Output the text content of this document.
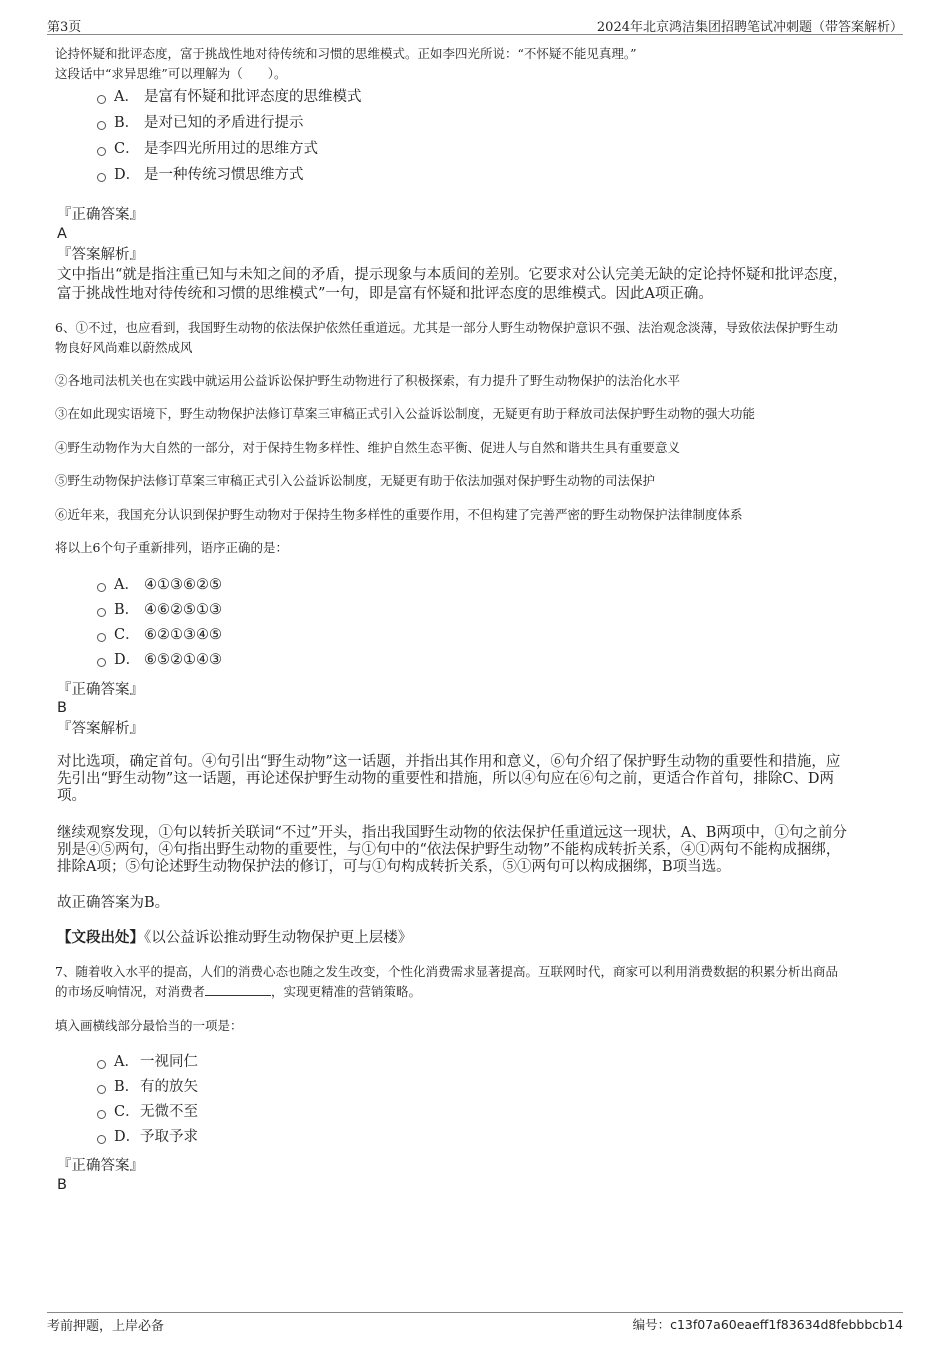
第3页	2024年北京鸿洁集团招聘笔试冲刺题（带答案解析）
论持怀疑和批评态度，富于挑战性地对待传统和习惯的思维模式。正如李四光所说：“不怀疑不能见真理。”
这段话中“求异思维”可以理解为（　　）。
A． 是富有怀疑和批评态度的思维模式
B． 是对已知的矛盾进行提示
C． 是李四光所用过的思维方式
D． 是一种传统习惯思维方式
『正确答案』
A
『答案解析』
文中指出“就是指注重已知与未知之间的矛盾，提示现象与本质间的差别。它要求对公认完美无缺的定论持怀疑和批评态度，
富于挑战性地对待传统和习惯的思维模式”一句，即是富有怀疑和批评态度的思维模式。因此A项正确。
6、①不过，也应看到，我国野生动物的依法保护依然任重道远。尤其是一部分人野生动物保护意识不强、法治观念淡薄，导致依法保护野生动
物良好风尚难以蔚然成风
②各地司法机关也在实践中就运用公益诉讼保护野生动物进行了积极探索，有力提升了野生动物保护的法治化水平
③在如此现实语境下，野生动物保护法修订草案三审稿正式引入公益诉讼制度，无疑更有助于释放司法保护野生动物的强大功能
④野生动物作为大自然的一部分，对于保持生物多样性、维护自然生态平衡、促进人与自然和谐共生具有重要意义
⑤野生动物保护法修订草案三审稿正式引入公益诉讼制度，无疑更有助于依法加强对保护野生动物的司法保护
⑥近年来，我国充分认识到保护野生动物对于保持生物多样性的重要作用，不但构建了完善严密的野生动物保护法律制度体系
将以上6个句子重新排列，语序正确的是：
A． ④①③⑥②⑤
B． ④⑥②⑤①③
C． ⑥②①③④⑤
D． ⑥⑤②①④③
『正确答案』
B
『答案解析』
对比选项，确定首句。④句引出“野生动物”这一话题，并指出其作用和意义，⑥句介绍了保护野生动物的重要性和措施，应
先引出“野生动物”这一话题，再论述保护野生动物的重要性和措施，所以④句应在⑥句之前，更适合作首句，排除C、D两
项。
继续观察发现，①句以转折关联词“不过”开头，指出我国野生动物的依法保护任重道远这一现状，A、B两项中，①句之前分
别是④⑤两句，④句指出野生动物的重要性，与①句中的“依法保护野生动物”不能构成转折关系，④①两句不能构成捆绑，
排除A项；⑤句论述野生动物保护法的修订，可与①句构成转折关系，⑤①两句可以构成捆绑，B项当选。
故正确答案为B。
【文段出处】《以公益诉讼推动野生动物保护更上层楼》
7、随着收入水平的提高，人们的消费心态也随之发生改变，个性化消费需求显著提高。互联网时代，商家可以利用消费数据的积累分析出商品
的市场反响情况，对消费者	，实现更精准的营销策略。
填入画横线部分最恰当的一项是：
A．一视同仁
B．有的放矢
C．无微不至
D．予取予求
『正确答案』
B
考前押题，上岸必备	编号：c13f07a60eaeff1f83634d8febbbcb14
